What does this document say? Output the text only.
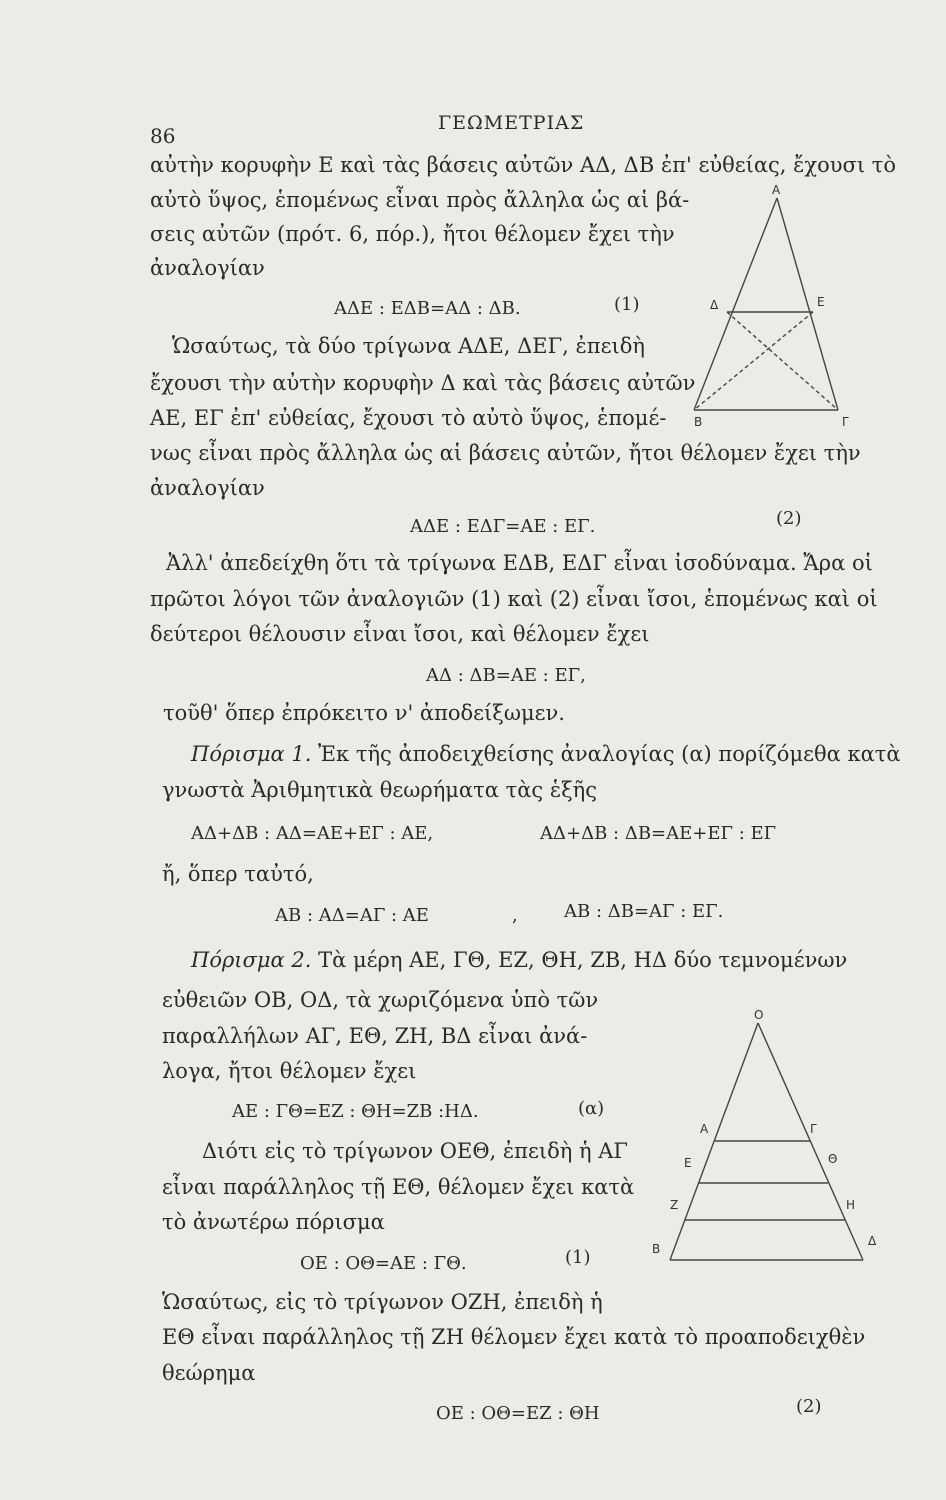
86
ΓΕΩΜΕΤΡΙΑΣ
αὐτὴν κορυφὴν Ε καὶ τὰς βάσεις αὐτῶν ΑΔ, ΔΒ ἐπ' εὐθείας, ἔχουσι τὸ
αὐτὸ ὕψος, ἑπομένως εἶναι πρὸς ἄλληλα ὡς αἱ βά-
σεις αὐτῶν (πρότ. 6, πόρ.), ἤτοι θέλομεν ἔχει τὴν
ἀναλογίαν
ΑΔΕ : ΕΔΒ=ΑΔ : ΔΒ.	(1)
Ὡσαύτως, τὰ δύο τρίγωνα ΑΔΕ, ΔΕΓ, ἐπειδὴ
ἔχουσι τὴν αὐτὴν κορυφὴν Δ καὶ τὰς βάσεις αὐτῶν
ΑΕ, ΕΓ ἐπ' εὐθείας, ἔχουσι τὸ αὐτὸ ὕψος, ἑπομέ-
νως εἶναι πρὸς ἄλληλα ὡς αἱ βάσεις αὐτῶν, ἤτοι θέλομεν ἔχει τὴν
ἀναλογίαν
ΑΔΕ : ΕΔΓ=ΑΕ : ΕΓ.	(2)
Ἀλλ' ἀπεδείχθη ὅτι τὰ τρίγωνα ΕΔΒ, ΕΔΓ εἶναι ἰσοδύναμα. Ἄρα οἱ
πρῶτοι λόγοι τῶν ἀναλογιῶν (1) καὶ (2) εἶναι ἴσοι, ἑπομένως καὶ οἱ
δεύτεροι θέλουσιν εἶναι ἴσοι, καὶ θέλομεν ἔχει
ΑΔ : ΔΒ=ΑΕ : ΕΓ,
τοῦθ' ὅπερ ἐπρόκειτο ν' ἀποδείξωμεν.
Πόρισμα 1. Ἐκ τῆς ἀποδειχθείσης ἀναλογίας (α) πορίζόμεθα κατὰ
γνωστὰ Ἀριθμητικὰ θεωρήματα τὰς ἑξῆς
ΑΔ+ΔΒ : ΑΔ=ΑΕ+ΕΓ : ΑΕ,	ΑΔ+ΔΒ : ΔΒ=ΑΕ+ΕΓ : ΕΓ
ἤ, ὅπερ ταὐτό,
ΑΒ : ΑΔ=ΑΓ : ΑΕ	,	ΑΒ : ΔΒ=ΑΓ : ΕΓ.
Πόρισμα 2. Τὰ μέρη ΑΕ, ΓΘ, ΕΖ, ΘΗ, ΖΒ, ΗΔ δύο τεμνομένων
εὐθειῶν ΟΒ, ΟΔ, τὰ χωριζόμενα ὑπὸ τῶν
παραλλήλων ΑΓ, ΕΘ, ΖΗ, ΒΔ εἶναι ἀνά-
λογα, ἤτοι θέλομεν ἔχει
ΑΕ : ΓΘ=ΕΖ : ΘΗ=ΖΒ :ΗΔ.	(α)
Διότι εἰς τὸ τρίγωνον ΟΕΘ, ἐπειδὴ ἡ ΑΓ
εἶναι παράλληλος τῇ ΕΘ, θέλομεν ἔχει κατὰ
τὸ ἀνωτέρω πόρισμα
ΟΕ : ΟΘ=ΑΕ : ΓΘ.	(1)
Ὡσαύτως, εἰς τὸ τρίγωνον ΟΖΗ, ἐπειδὴ ἡ
ΕΘ εἶναι παράλληλος τῇ ΖΗ θέλομεν ἔχει κατὰ τὸ προαποδειχθὲν
θεώρημα
ΟΕ : ΟΘ=ΕΖ : ΘΗ	(2)
A
Δ	E
B	Γ
O
A	Γ
E	Θ
Z	H
B
Δ
